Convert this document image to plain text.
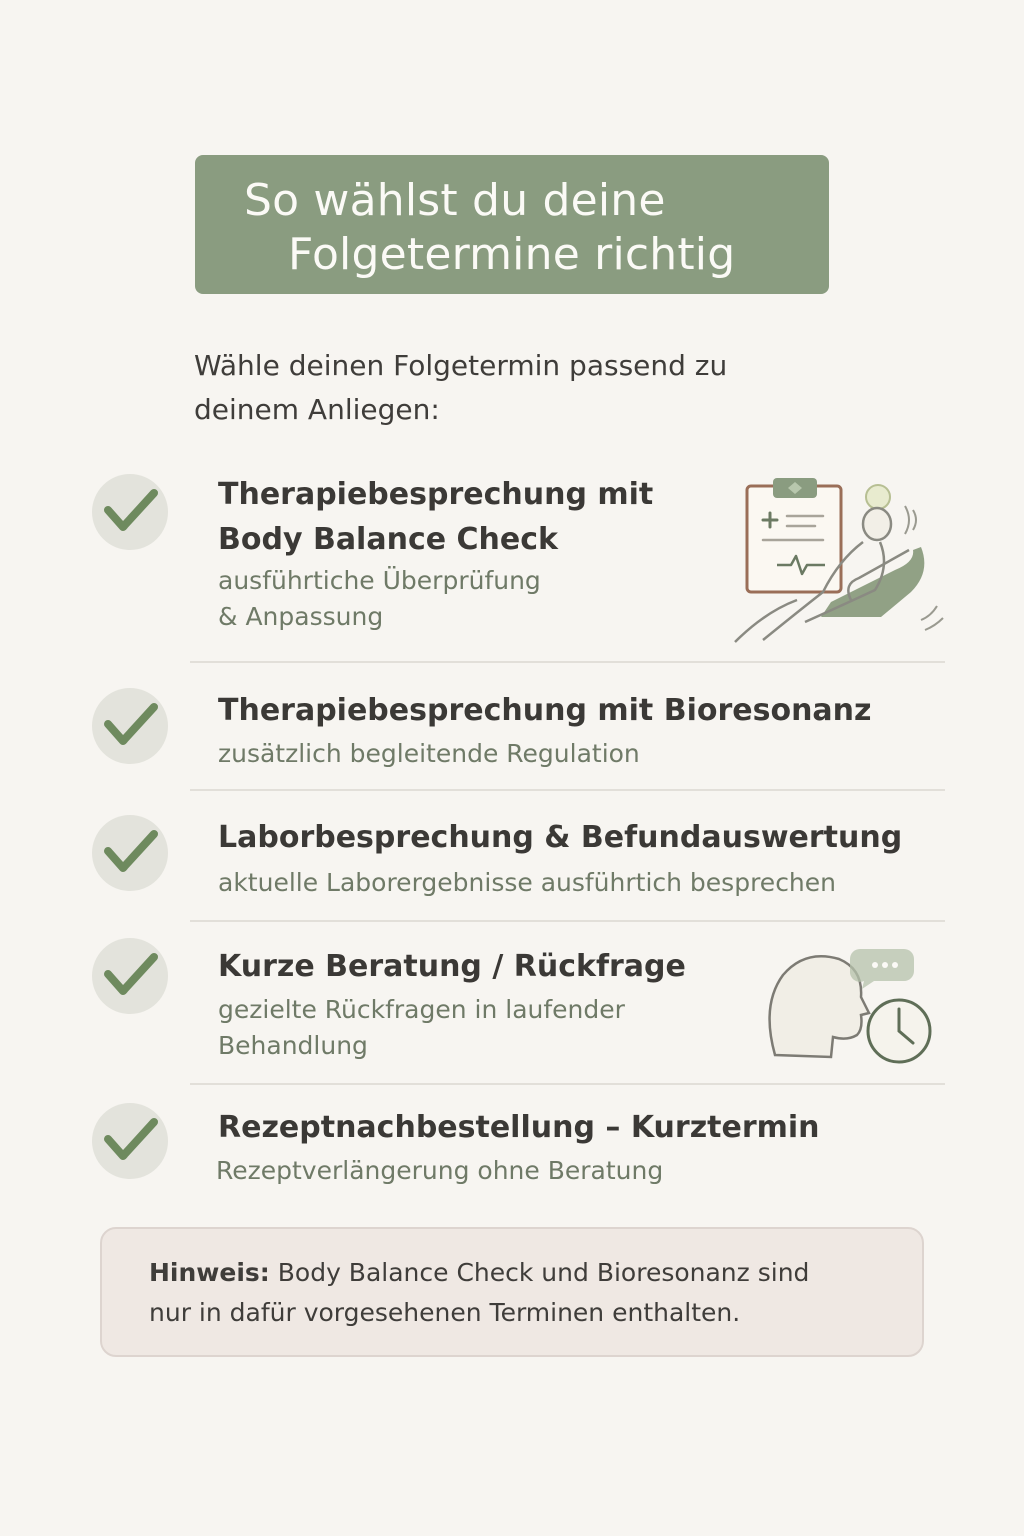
So wählst du deine
Folgetermine richtig
Wähle deinen Folgetermin passend zu
deinem Anliegen:
Therapiebesprechung mit
Body Balance Check
ausführtiche Überprüfung
& Anpassung
Therapiebesprechung mit Bioresonanz
zusätzlich begleitende Regulation
Laborbesprechung & Befundauswertung
aktuelle Laborergebnisse ausführtich besprechen
Kurze Beratung / Rückfrage
gezielte Rückfragen in laufender
Behandlung
Rezeptnachbestellung – Kurztermin
Rezeptverlängerung ohne Beratung
Hinweis: Body Balance Check und Bioresonanz sind
nur in dafür vorgesehenen Terminen enthalten.
